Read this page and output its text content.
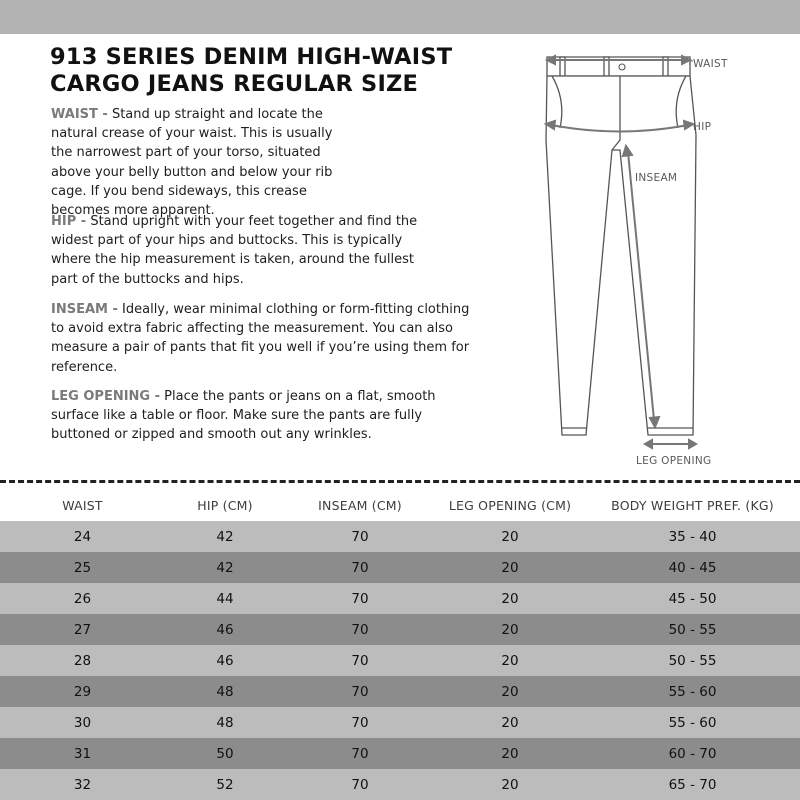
913 SERIES DENIM HIGH-WAIST CARGO JEANS REGULAR SIZE

WAIST - Stand up straight and locate the natural crease of your waist. This is usually the narrowest part of your torso, situated above your belly button and below your rib cage. If you bend sideways, this crease becomes more apparent.

HIP - Stand upright with your feet together and find the widest part of your hips and buttocks. This is typically where the hip measurement is taken, around the fullest part of the buttocks and hips.

INSEAM - Ideally, wear minimal clothing or form-fitting clothing to avoid extra fabric affecting the measurement. You can also measure a pair of pants that fit you well if you’re using them for reference.

LEG OPENING - Place the pants or jeans on a flat, smooth surface like a table or floor. Make sure the pants are fully buttoned or zipped and smooth out any wrinkles.

WAIST
HIP
INSEAM
LEG OPENING
WAIST	HIP (CM)	INSEAM (CM)	LEG OPENING (CM)	BODY WEIGHT PREF. (KG)
24	42	70	20	35 - 40
25	42	70	20	40 - 45
26	44	70	20	45 - 50
27	46	70	20	50 - 55
28	46	70	20	50 - 55
29	48	70	20	55 - 60
30	48	70	20	55 - 60
31	50	70	20	60 - 70
32	52	70	20	65 - 70
